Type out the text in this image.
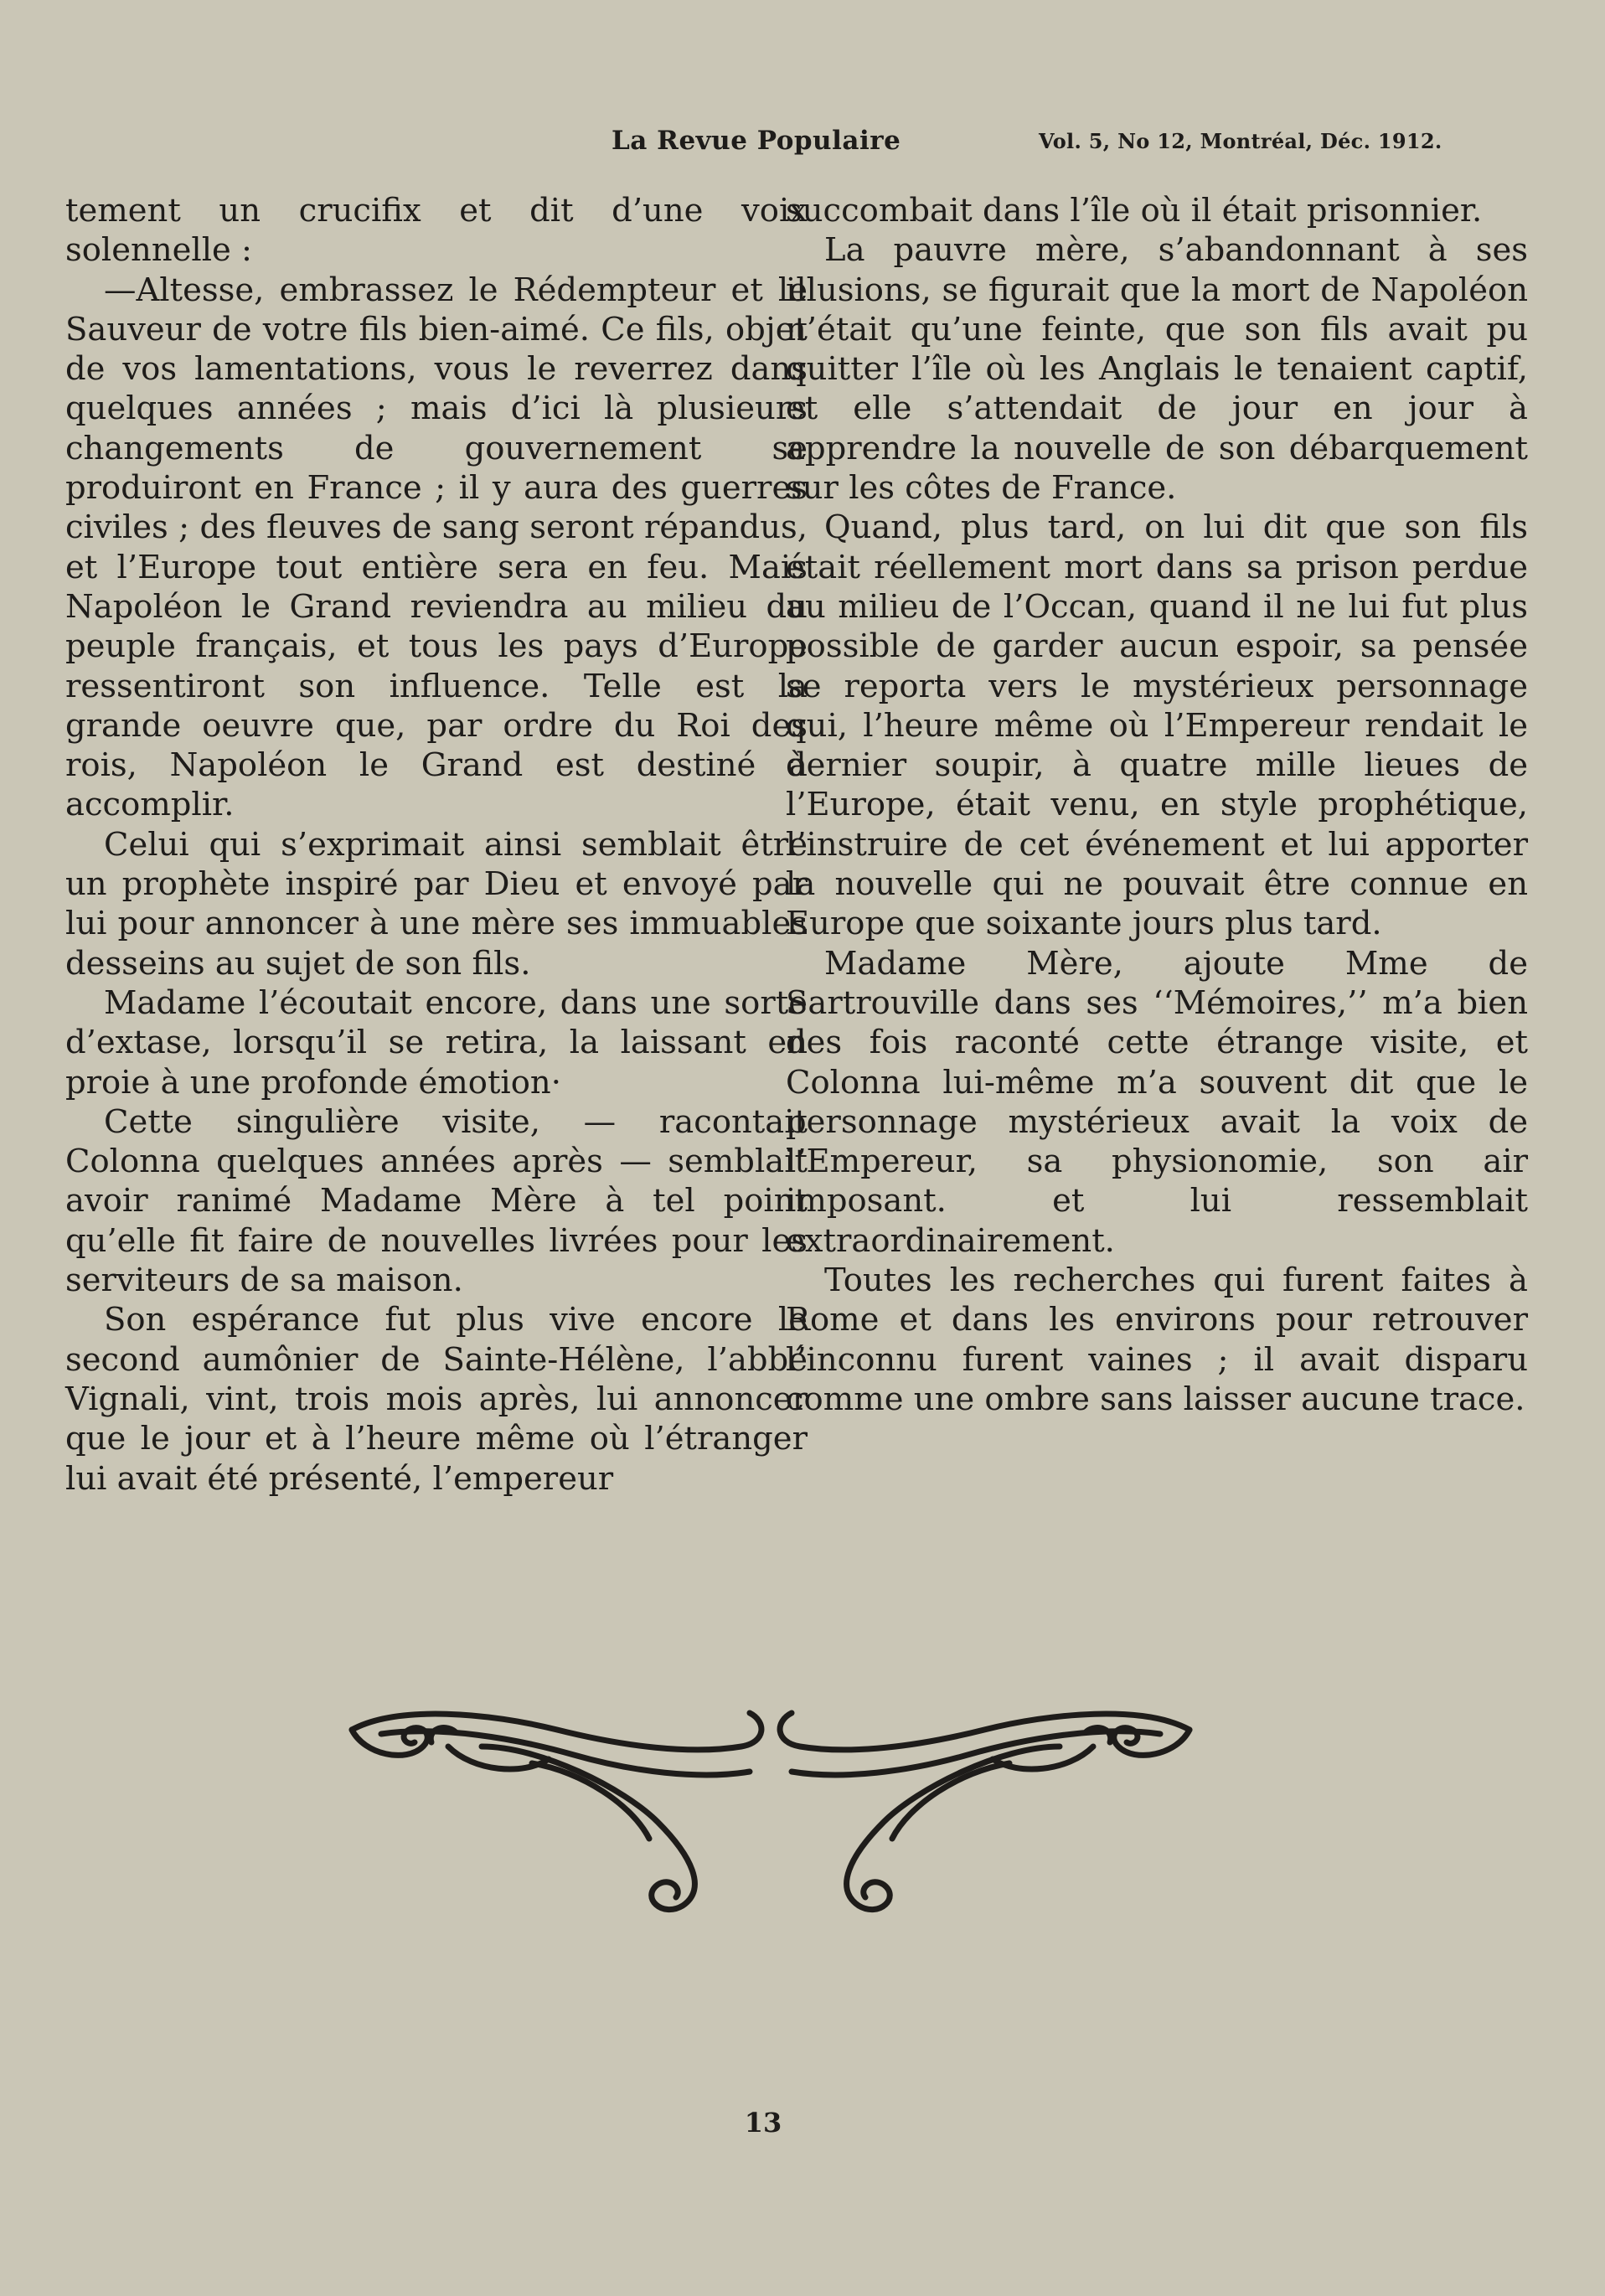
La Revue Populaire	Vol. 5, No 12, Montréal, Déc. 1912.

tement un crucifix et dit d’une voix solennelle :

—Altesse, embrassez le Rédempteur et le Sauveur de votre fils bien-aimé. Ce fils, objet de vos lamentations, vous le reverrez dans quelques années ; mais d’ici là plusieurs changements de gouvernement se produiront en France ; il y aura des guerres civiles ; des fleuves de sang seront répandus, et l’Europe tout entière sera en feu. Mais Napoléon le Grand reviendra au milieu du peuple français, et tous les pays d’Europe ressentiront son influence. Telle est la grande oeuvre que, par ordre du Roi des rois, Napoléon le Grand est destiné à accomplir.

Celui qui s’exprimait ainsi semblait être un prophète inspiré par Dieu et envoyé par lui pour annoncer à une mère ses immuables desseins au sujet de son fils.

Madame l’écoutait encore, dans une sorte d’extase, lorsqu’il se retira, la laissant en proie à une profonde émotion·

Cette singulière visite, — racontait Colonna quelques années après — semblait avoir ranimé Madame Mère à tel point qu’elle fit faire de nouvelles livrées pour les serviteurs de sa maison.

Son espérance fut plus vive encore le second aumônier de Sainte-Hélène, l’abbé Vignali, vint, trois mois après, lui annoncer que le jour et à l’heure même où l’étranger lui avait été présenté, l’empereur

succombait dans l’île où il était prisonnier.

La pauvre mère, s’abandonnant à ses illusions, se figurait que la mort de Napoléon n’était qu’une feinte, que son fils avait pu quitter l’île où les Anglais le tenaient captif, et elle s’attendait de jour en jour à apprendre la nouvelle de son débarquement sur les côtes de France.

Quand, plus tard, on lui dit que son fils était réellement mort dans sa prison perdue au milieu de l’Occan, quand il ne lui fut plus possible de garder aucun espoir, sa pensée se reporta vers le mystérieux personnage qui, l’heure même où l’Empereur rendait le dernier soupir, à quatre mille lieues de l’Europe, était venu, en style prophétique, l’instruire de cet événement et lui apporter la nouvelle qui ne pouvait être connue en Europe que soixante jours plus tard.

Madame Mère, ajoute Mme de Sartrouville dans ses ‘‘Mémoires,’’ m’a bien des fois raconté cette étrange visite, et Colonna lui-même m’a souvent dit que le personnage mystérieux avait la voix de l’Empereur, sa physionomie, son air imposant. et lui ressemblait extraordinairement.

Toutes les recherches qui furent faites à Rome et dans les environs pour retrouver l’inconnu furent vaines ; il avait disparu comme une ombre sans laisser aucune trace.

13
